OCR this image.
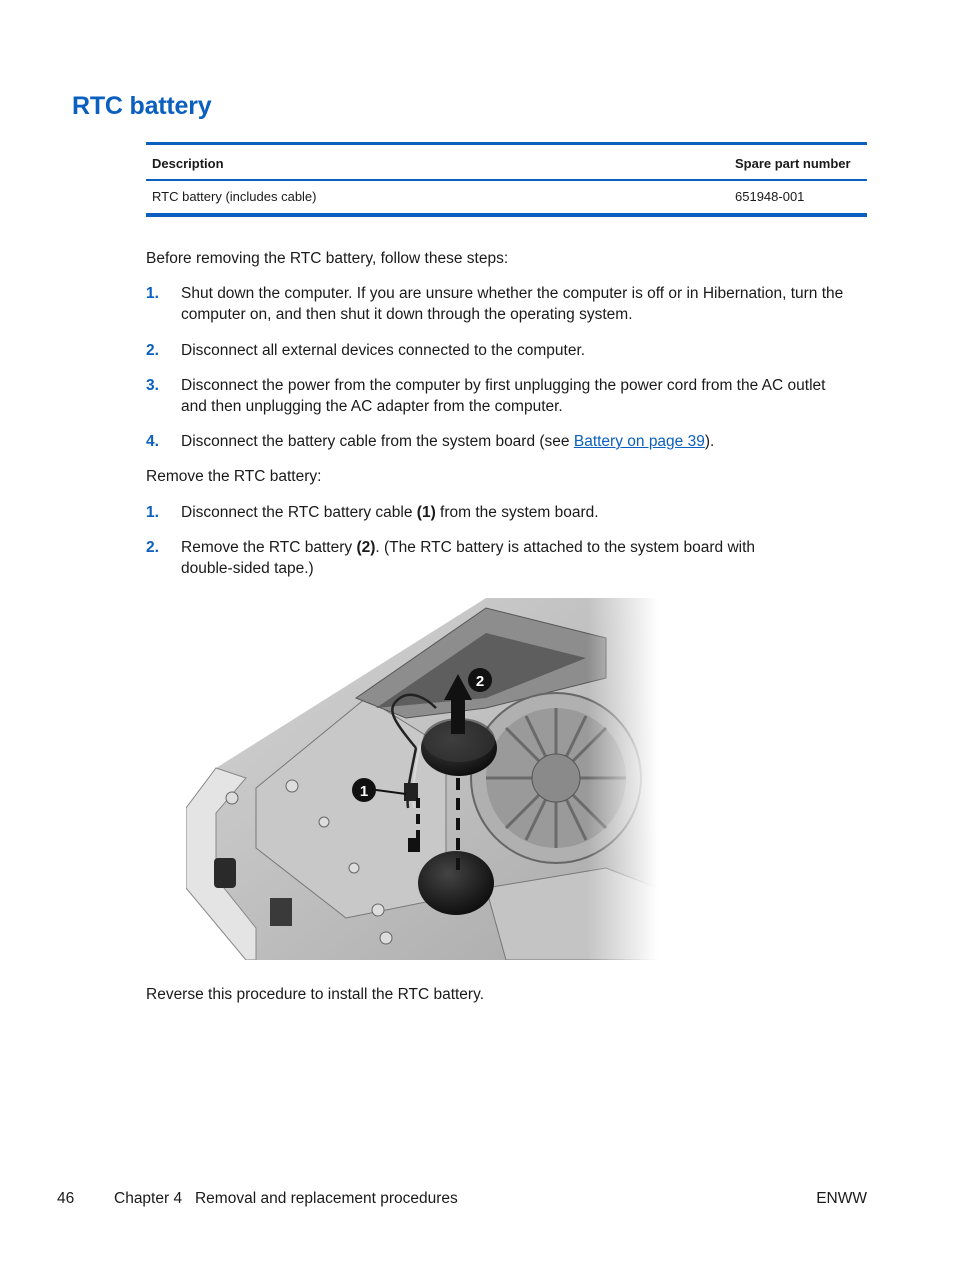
RTC battery
Description	Spare part number
RTC battery (includes cable)	651948-001

Before removing the RTC battery, follow these steps:

1.	Shut down the computer. If you are unsure whether the computer is off or in Hibernation, turn the computer on, and then shut it down through the operating system.
2.	Disconnect all external devices connected to the computer.
3.	Disconnect the power from the computer by first unplugging the power cord from the AC outlet and then unplugging the AC adapter from the computer.
4.	Disconnect the battery cable from the system board (see Battery on page 39).

Remove the RTC battery:

1.	Disconnect the RTC battery cable (1) from the system board.
2.	Remove the RTC battery (2). (The RTC battery is attached to the system board with double-sided tape.)

Reverse this procedure to install the RTC battery.

46	Chapter 4   Removal and replacement procedures	ENWW
